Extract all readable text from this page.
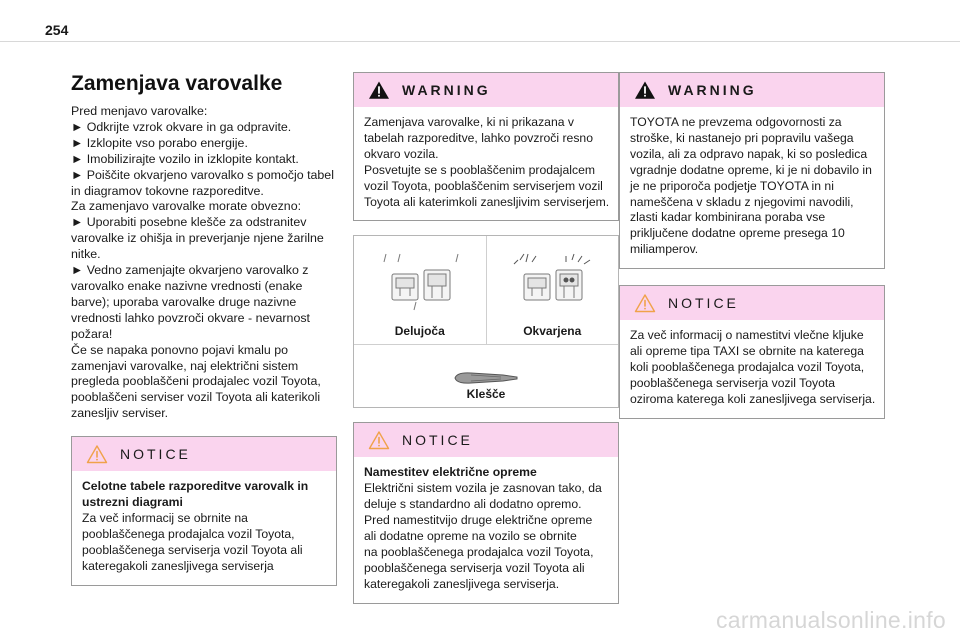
254
Zamenjava varovalke
Pred menjavo varovalke:
► Odkrijte vzrok okvare in ga odpravite.
► Izklopite vso porabo energije.
► Imobilizirajte vozilo in izklopite kontakt.
► Poiščite okvarjeno varovalko s pomočjo tabel
in diagramov tokovne razporeditve.
Za zamenjavo varovalke morate obvezno:
► Uporabiti posebne klešče za odstranitev
varovalke iz ohišja in preverjanje njene žarilne
nitke.
► Vedno zamenjajte okvarjeno varovalko z
varovalko enake nazivne vrednosti (enake
barve); uporaba varovalke druge nazivne
vrednosti lahko povzroči okvare - nevarnost
požara!
Če se napaka ponovno pojavi kmalu po
zamenjavi varovalke, naj električni sistem
pregleda pooblaščeni prodajalec vozil Toyota,
pooblaščeni serviser vozil Toyota ali katerikoli
zanesljiv serviser.
NOTICE
Celotne tabele razporeditve varovalk in
ustrezni diagrami
Za več informacij se obrnite na
pooblaščenega prodajalca vozil Toyota,
pooblaščenega serviserja vozil Toyota ali
kateregakoli zanesljivega serviserja
WARNING
Zamenjava varovalke, ki ni prikazana v
tabelah razporeditve, lahko povzroči resno
okvaro vozila.
Posvetujte se s pooblaščenim prodajalcem
vozil Toyota, pooblaščenim serviserjem vozil
Toyota ali katerimkoli zanesljivim serviserjem.
Delujoča	Okvarjena
Klešče
NOTICE
Namestitev električne opreme
Električni sistem vozila je zasnovan tako, da
deluje s standardno ali dodatno opremo.
Pred namestitvijo druge električne opreme
ali dodatne opreme na vozilo se obrnite
na pooblaščenega prodajalca vozil Toyota,
pooblaščenega serviserja vozil Toyota ali
kateregakoli zanesljivega serviserja.
WARNING
TOYOTA ne prevzema odgovornosti za
stroške, ki nastanejo pri popravilu vašega
vozila, ali za odpravo napak, ki so posledica
vgradnje dodatne opreme, ki je ni dobavilo in
je ne priporoča podjetje TOYOTA in ni
nameščena v skladu z njegovimi navodili,
zlasti kadar kombinirana poraba vse
priključene dodatne opreme presega 10
miliamperov.
NOTICE
Za več informacij o namestitvi vlečne kljuke
ali opreme tipa TAXI se obrnite na katerega
koli pooblaščenega prodajalca vozil Toyota,
pooblaščenega serviserja vozil Toyota
oziroma katerega koli zanesljivega serviserja.
carmanualsonline.info
